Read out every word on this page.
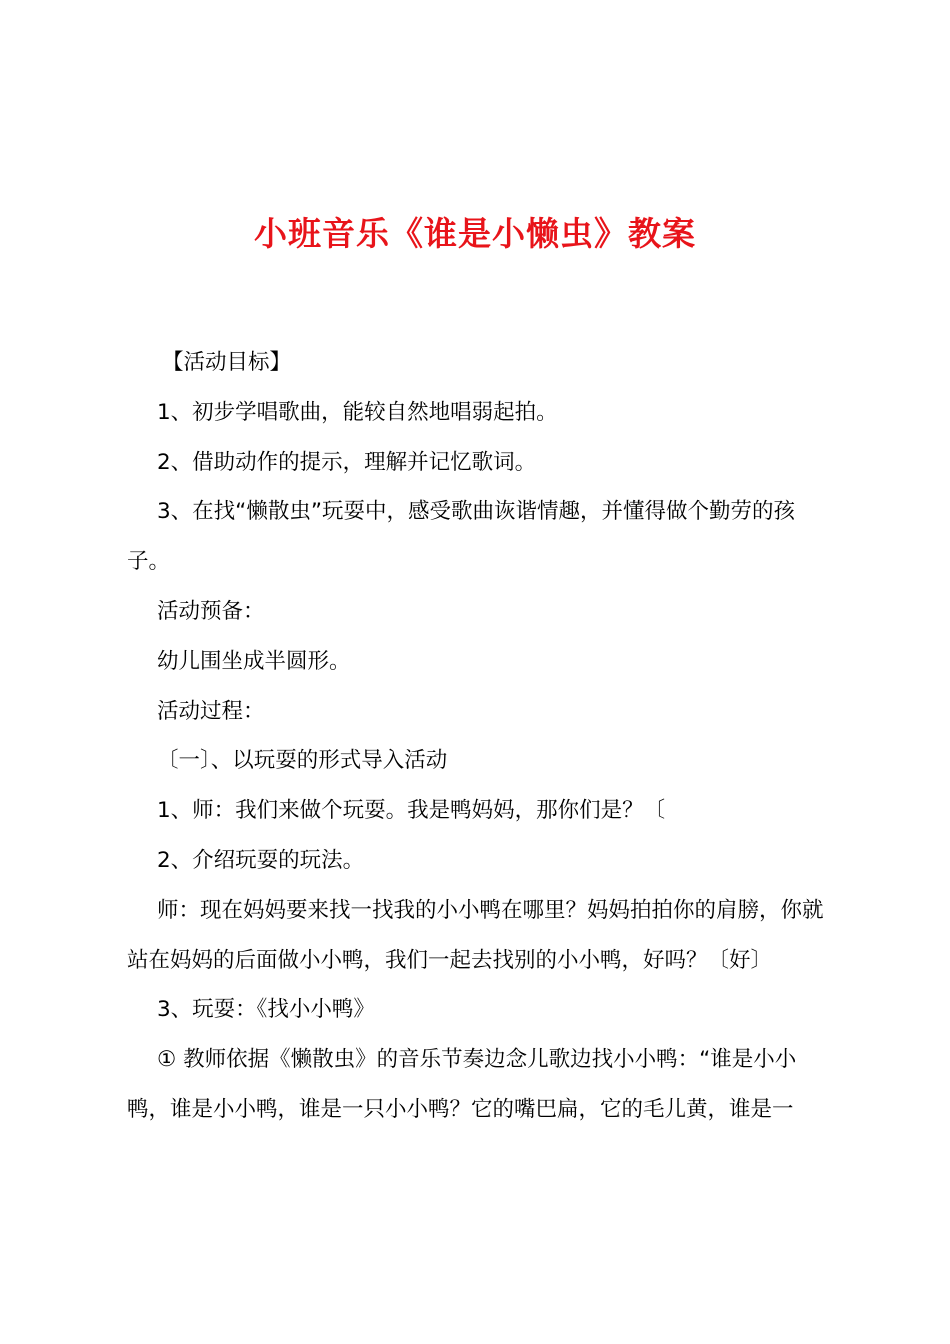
小班音乐《谁是小懒虫》教案

【活动目标】

1、初步学唱歌曲，能较自然地唱弱起拍。

2、借助动作的提示，理解并记忆歌词。

3、在找“懒散虫”玩耍中，感受歌曲诙谐情趣，并懂得做个勤劳的孩子。

活动预备：

幼儿围坐成半圆形。

活动过程：

〔一〕、以玩耍的形式导入活动

1、师：我们来做个玩耍。我是鸭妈妈，那你们是？〔

2、介绍玩耍的玩法。

师：现在妈妈要来找一找我的小小鸭在哪里？妈妈拍拍你的肩膀，你就站在妈妈的后面做小小鸭，我们一起去找别的小小鸭，好吗？〔好〕

3、玩耍：《找小小鸭》

① 教师依据《懒散虫》的音乐节奏边念儿歌边找小小鸭：“谁是小小鸭，谁是小小鸭，谁是一只小小鸭？它的嘴巴扁，它的毛儿黄，谁是一
